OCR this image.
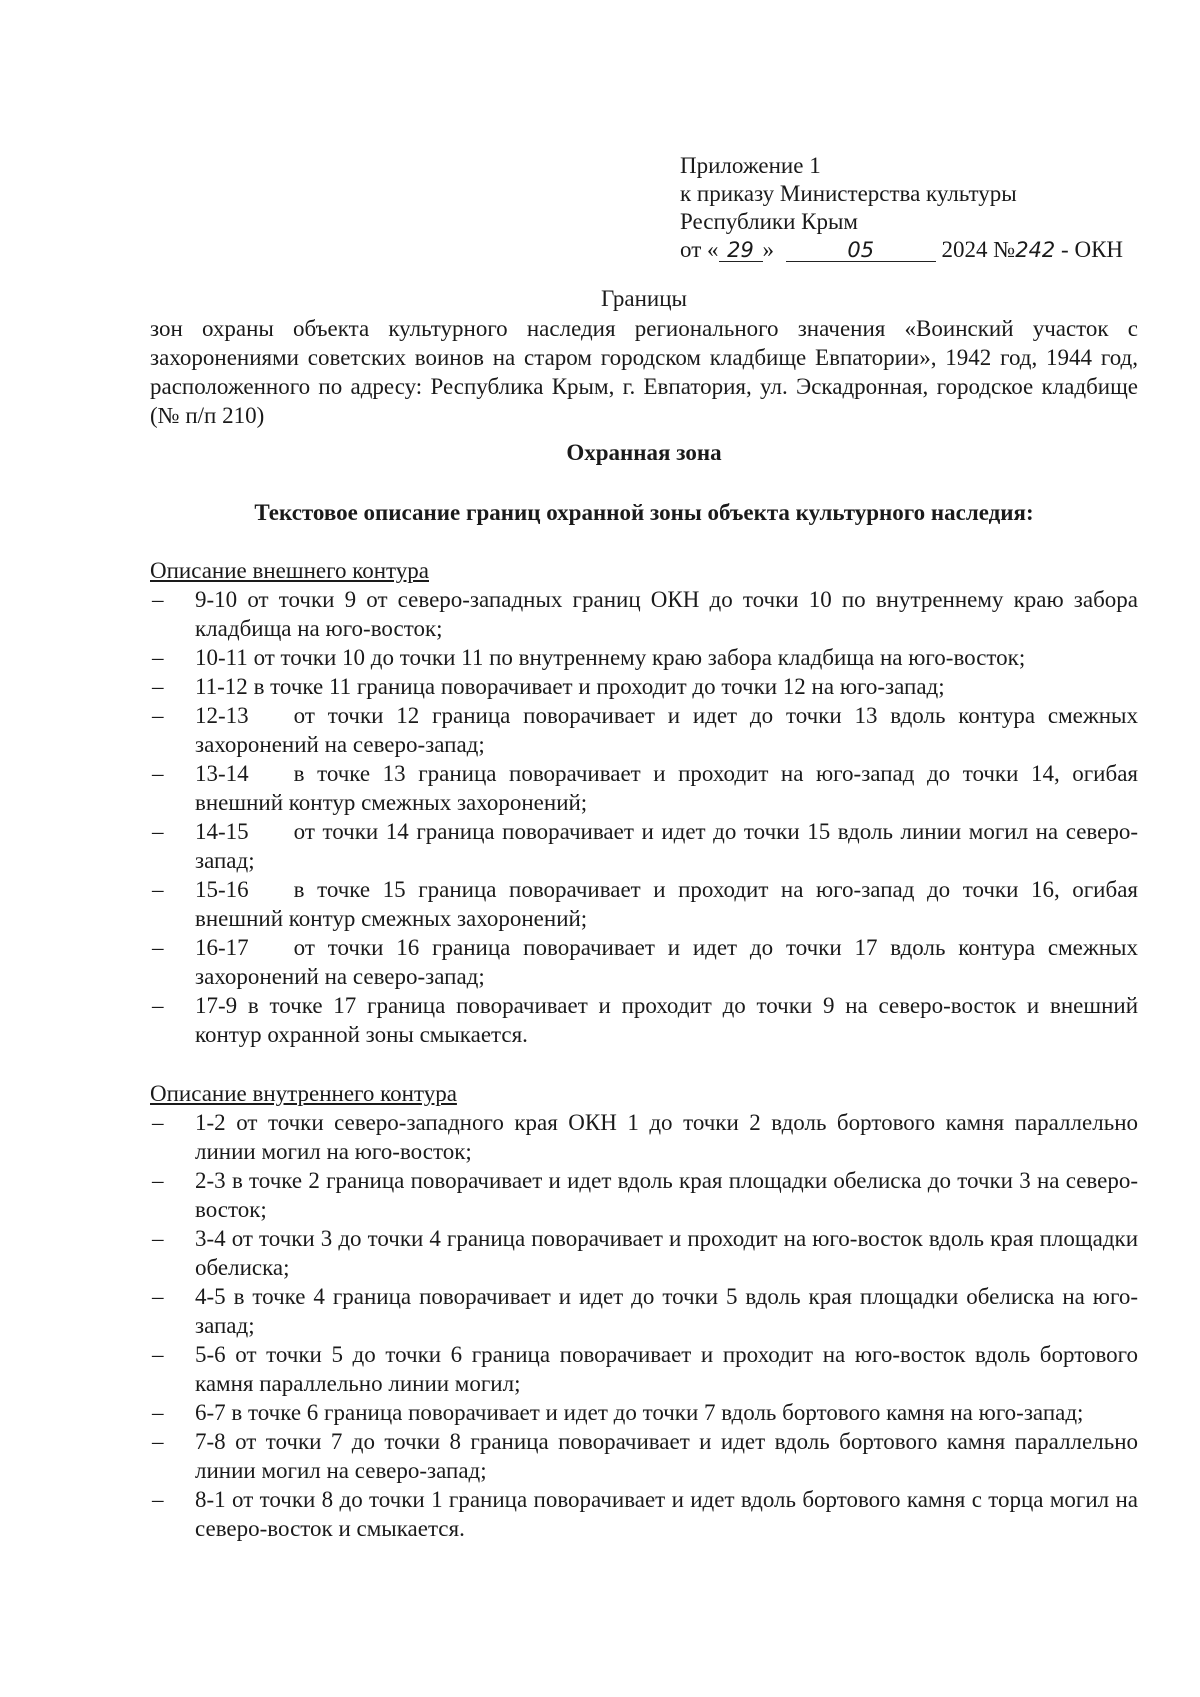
Приложение 1
к приказу Министерства культуры
Республики Крым
от « 29 »	05	2024 №242 - ОКН
Границы
зон охраны объекта культурного наследия регионального значения «Воинский участок с захоронениями советских воинов на старом городском кладбище Евпатории», 1942 год, 1944 год, расположенного по адресу: Республика Крым, г. Евпатория, ул. Эскадронная, городское кладбище (№ п/п 210)
Охранная зона
Текстовое описание границ охранной зоны объекта культурного наследия:
Описание внешнего контура
– 9-10 от точки 9 от северо-западных границ ОКН до точки 10 по внутреннему краю забора кладбища на юго-восток;
– 10-11 от точки 10 до точки 11 по внутреннему краю забора кладбища на юго-восток;
– 11-12 в точке 11 граница поворачивает и проходит до точки 12 на юго-запад;
– 12-13 от точки 12 граница поворачивает и идет до точки 13 вдоль контура смежных захоронений на северо-запад;
– 13-14 в точке 13 граница поворачивает и проходит на юго-запад до точки 14, огибая внешний контур смежных захоронений;
– 14-15 от точки 14 граница поворачивает и идет до точки 15 вдоль линии могил на северо-запад;
– 15-16 в точке 15 граница поворачивает и проходит на юго-запад до точки 16, огибая внешний контур смежных захоронений;
– 16-17 от точки 16 граница поворачивает и идет до точки 17 вдоль контура смежных захоронений на северо-запад;
– 17-9 в точке 17 граница поворачивает и проходит до точки 9 на северо-восток и внешний контур охранной зоны смыкается.
Описание внутреннего контура
– 1-2 от точки северо-западного края ОКН 1 до точки 2 вдоль бортового камня параллельно линии могил на юго-восток;
– 2-3 в точке 2 граница поворачивает и идет вдоль края площадки обелиска до точки 3 на северо-восток;
– 3-4 от точки 3 до точки 4 граница поворачивает и проходит на юго-восток вдоль края площадки обелиска;
– 4-5 в точке 4 граница поворачивает и идет до точки 5 вдоль края площадки обелиска на юго-запад;
– 5-6 от точки 5 до точки 6 граница поворачивает и проходит на юго-восток вдоль бортового камня параллельно линии могил;
– 6-7 в точке 6 граница поворачивает и идет до точки 7 вдоль бортового камня на юго-запад;
– 7-8 от точки 7 до точки 8 граница поворачивает и идет вдоль бортового камня параллельно линии могил на северо-запад;
– 8-1 от точки 8 до точки 1 граница поворачивает и идет вдоль бортового камня с торца могил на северо-восток и смыкается.
